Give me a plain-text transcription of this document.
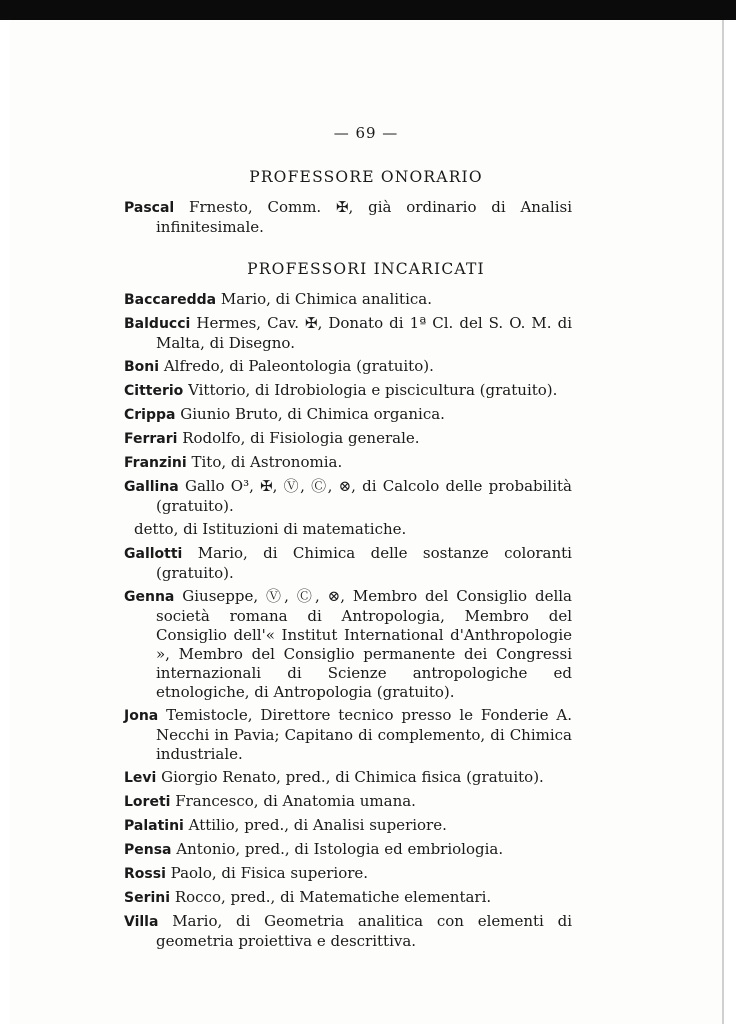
— 69 —
PROFESSORE ONORARIO
Pascal Frnesto, Comm. ✠, già ordinario di Analisi infinitesimale.
PROFESSORI INCARICATI
Baccaredda Mario, di Chimica analitica.
Balducci Hermes, Cav. ✠, Donato di 1ª Cl. del S. O. M. di Malta, di Disegno.
Boni Alfredo, di Paleontologia (gratuito).
Citterio Vittorio, di Idrobiologia e piscicultura (gratuito).
Crippa Giunio Bruto, di Chimica organica.
Ferrari Rodolfo, di Fisiologia generale.
Franzini Tito, di Astronomia.
Gallina Gallo O³, ✠, Ⓥ, Ⓒ, ⊗, di Calcolo delle probabilità (gratuito).
detto, di Istituzioni di matematiche.
Gallotti Mario, di Chimica delle sostanze coloranti (gratuito).
Genna Giuseppe, Ⓥ, Ⓒ, ⊗, Membro del Consiglio della società romana di Antropologia, Membro del Consiglio dell'« Institut International d'Anthropologie », Membro del Consiglio permanente dei Congressi internazionali di Scienze antropologiche ed etnologiche, di Antropologia (gratuito).
Jona Temistocle, Direttore tecnico presso le Fonderie A. Necchi in Pavia; Capitano di complemento, di Chimica industriale.
Levi Giorgio Renato, pred., di Chimica fisica (gratuito).
Loreti Francesco, di Anatomia umana.
Palatini Attilio, pred., di Analisi superiore.
Pensa Antonio, pred., di Istologia ed embriologia.
Rossi Paolo, di Fisica superiore.
Serini Rocco, pred., di Matematiche elementari.
Villa Mario, di Geometria analitica con elementi di geometria proiettiva e descrittiva.
